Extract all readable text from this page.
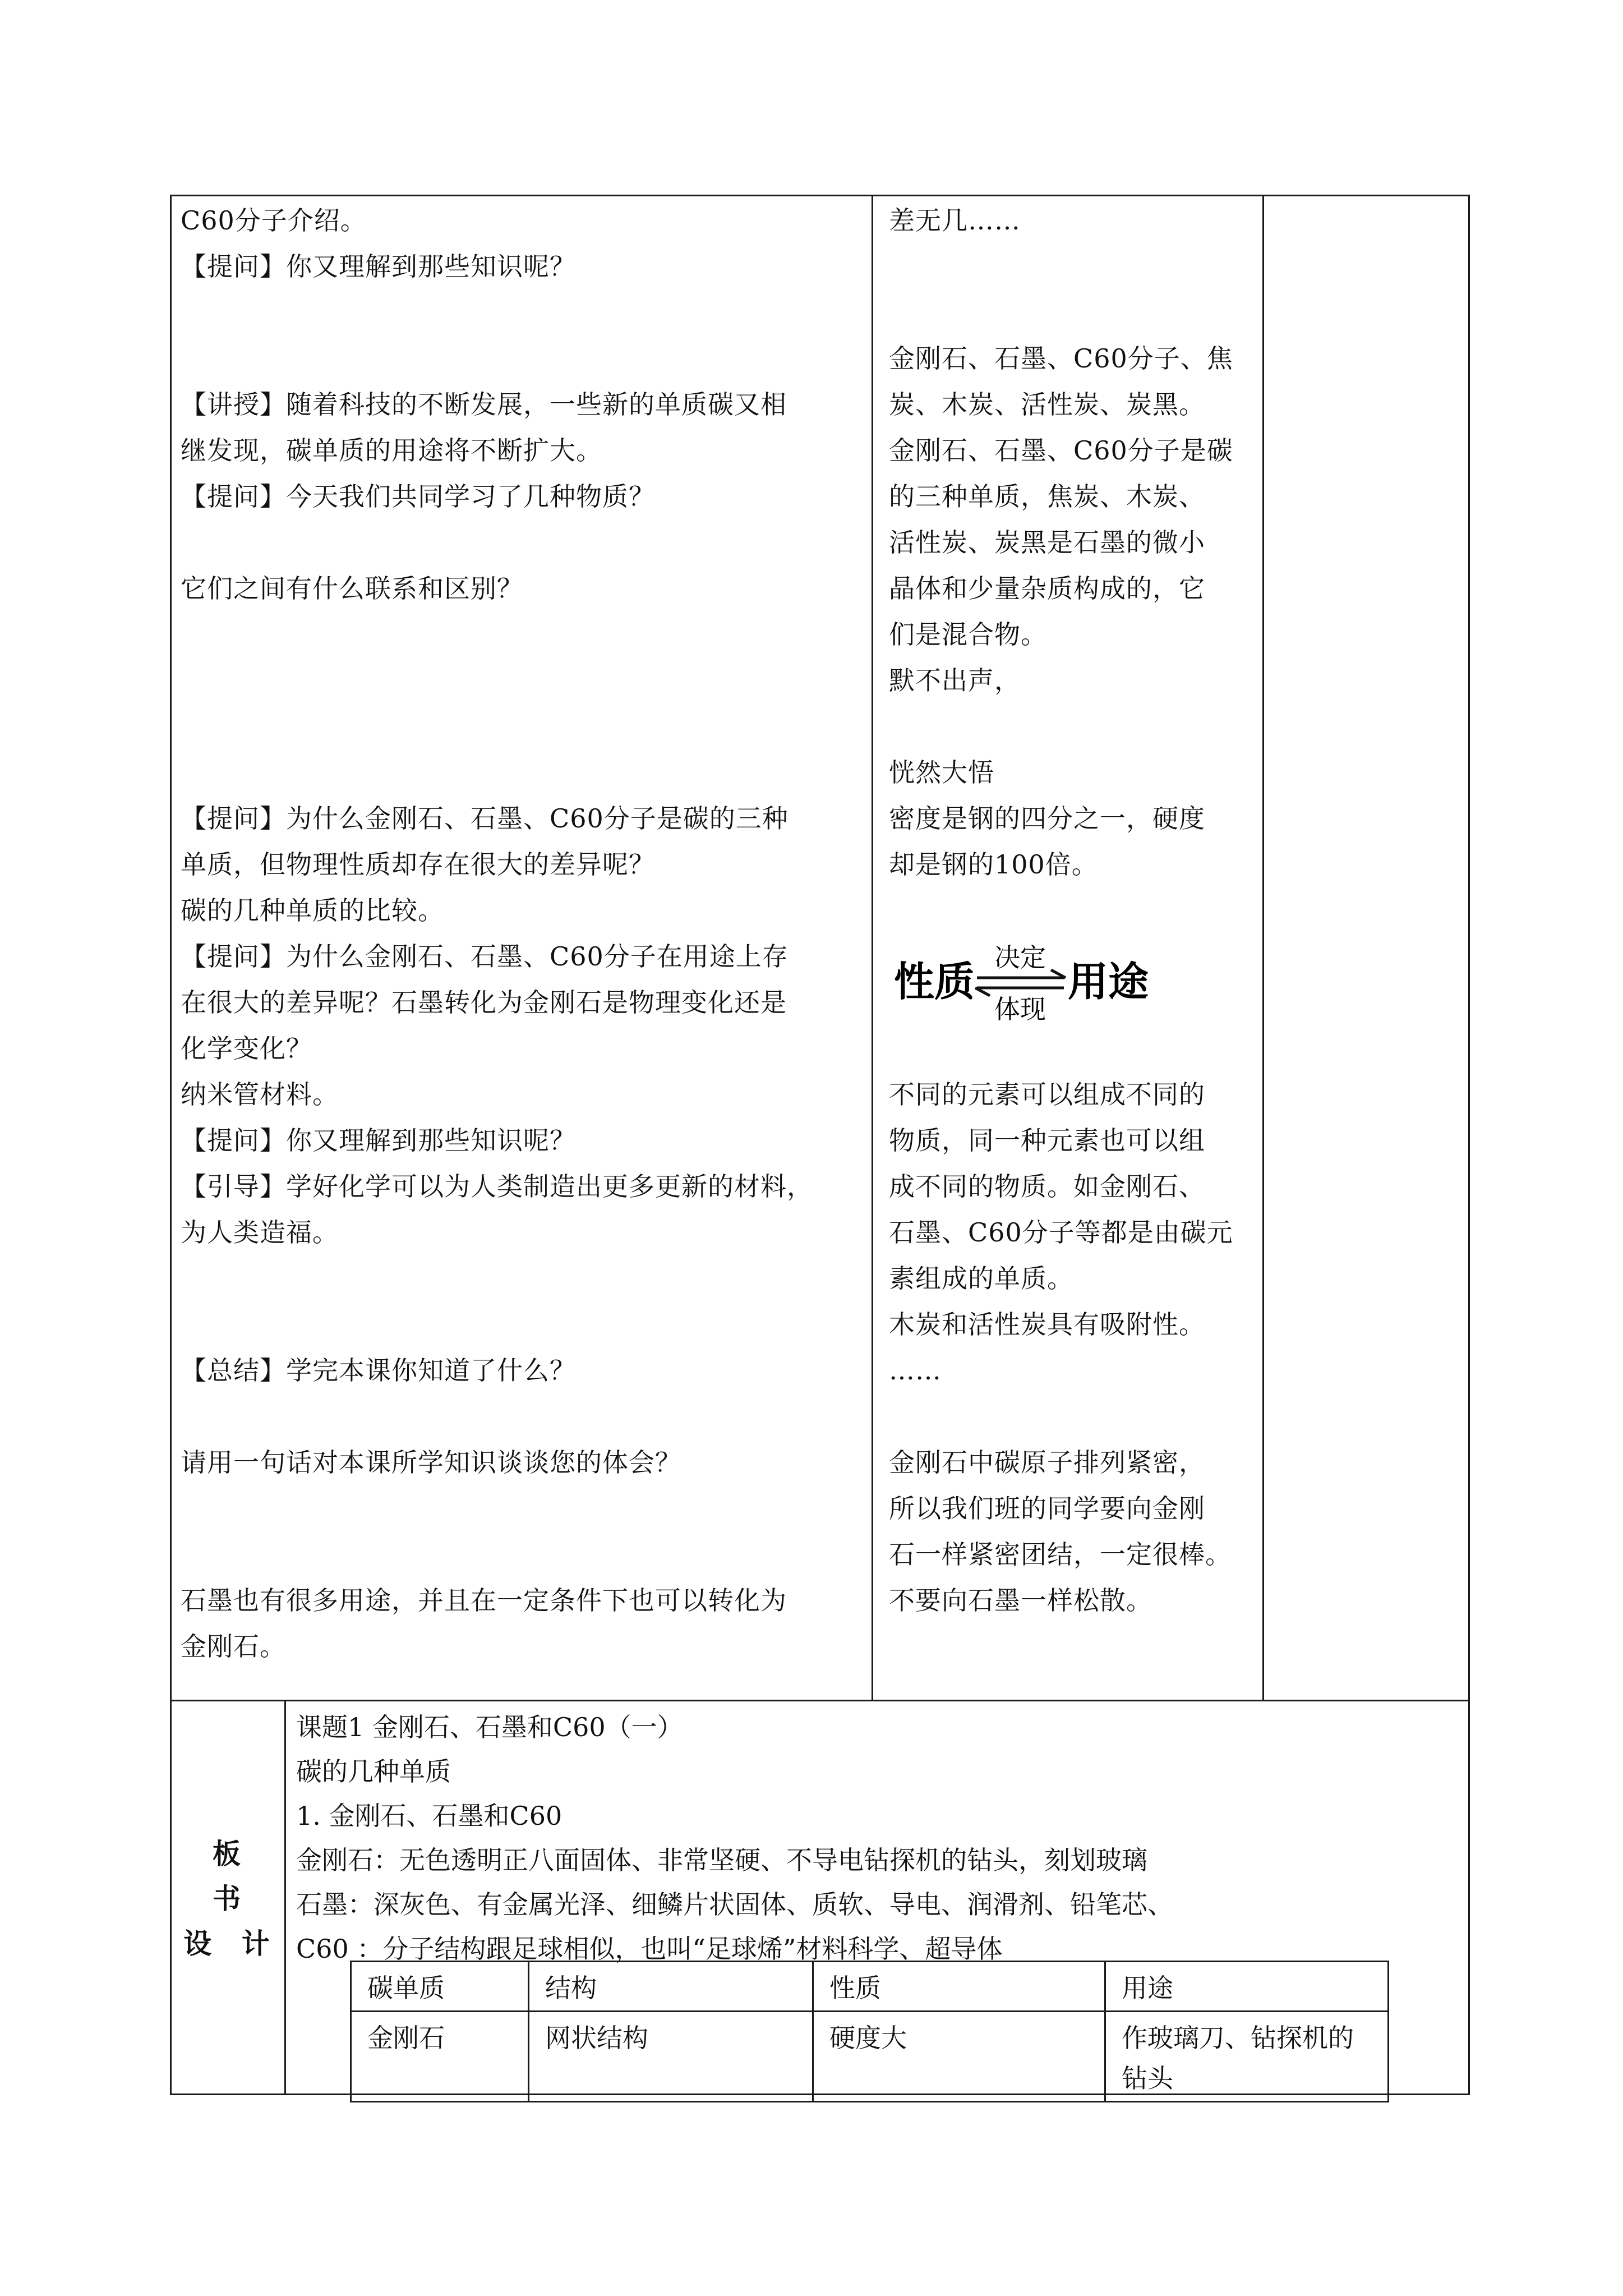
C60分子介绍。
【提问】你又理解到那些知识呢？
【讲授】随着科技的不断发展，一些新的单质碳又相
继发现，碳单质的用途将不断扩大。
【提问】今天我们共同学习了几种物质？
它们之间有什么联系和区别？
【提问】为什么金刚石、石墨、C60分子是碳的三种
单质，但物理性质却存在很大的差异呢？
碳的几种单质的比较。
【提问】为什么金刚石、石墨、C60分子在用途上存
在很大的差异呢？石墨转化为金刚石是物理变化还是
化学变化？
纳米管材料。
【提问】你又理解到那些知识呢？
【引导】学好化学可以为人类制造出更多更新的材料，
为人类造福。
【总结】学完本课你知道了什么？
请用一句话对本课所学知识谈谈您的体会？
石墨也有很多用途，并且在一定条件下也可以转化为
金刚石。
差无几……
金刚石、石墨、C60分子、焦
炭、木炭、活性炭、炭黑。
金刚石、石墨、C60分子是碳
的三种单质，焦炭、木炭、
活性炭、炭黑是石墨的微小
晶体和少量杂质构成的，它
们是混合物。
默不出声，
恍然大悟
密度是钢的四分之一，硬度
却是钢的100倍。
不同的元素可以组成不同的
物质，同一种元素也可以组
成不同的物质。如金刚石、
石墨、C60分子等都是由碳元
素组成的单质。
木炭和活性炭具有吸附性。
……
金刚石中碳原子排列紧密，
所以我们班的同学要向金刚
石一样紧密团结，一定很棒。
不要向石墨一样松散。
性质
决定
体现
用途
板
书
设 计
课题1 金刚石、石墨和C60（一）
碳的几种单质
1. 金刚石、石墨和C60
金刚石：无色透明正八面固体、非常坚硬、不导电钻探机的钻头，刻划玻璃
石墨：深灰色、有金属光泽、细鳞片状固体、质软、导电、润滑剂、铅笔芯、
C60 ：分子结构跟足球相似，也叫“足球烯”材料科学、超导体
碳单质	结构	性质	用途
金刚石	网状结构	硬度大	作玻璃刀、钻探机的钻头
